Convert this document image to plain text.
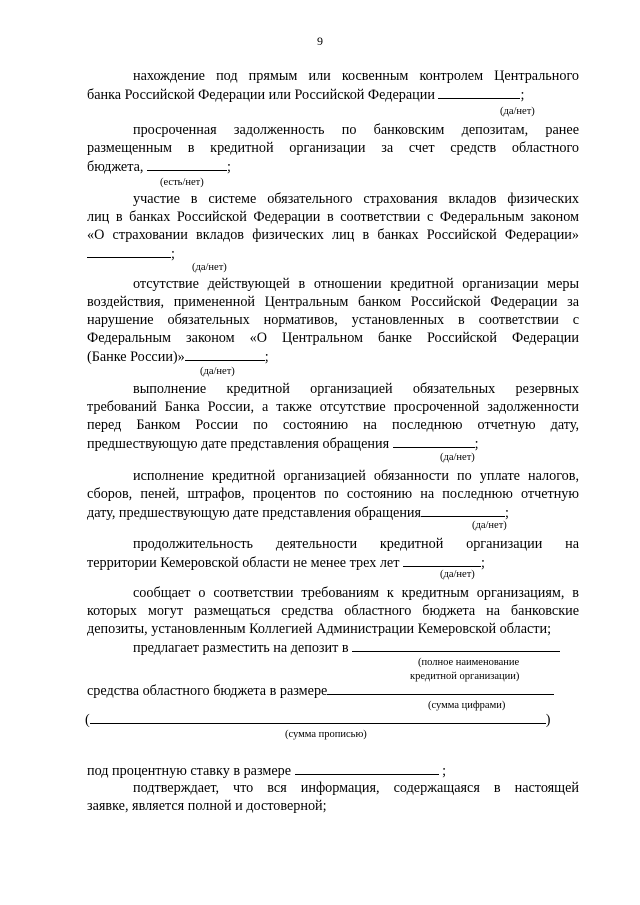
9
нахождение под прямым или косвенным контролем Центрального
банка Российской Федерации или Российской Федерации	;
(да/нет)
просроченная задолженность по банковским депозитам, ранее
размещенным в кредитной организации за счет средств областного
бюджета,	;
(есть/нет)
участие в системе обязательного страхования вкладов физических
лиц в банках Российской Федерации в соответствии с Федеральным законом
«О страховании вкладов физических лиц в банках Российской Федерации»
;
(да/нет)
отсутствие действующей в отношении кредитной организации меры
воздействия, примененной Центральным банком Российской Федерации за
нарушение обязательных нормативов, установленных в соответствии с
Федеральным законом «О Центральном банке Российской Федерации
(Банке России)»	;
(да/нет)
выполнение кредитной организацией обязательных резервных
требований Банка России, а также отсутствие просроченной задолженности
перед Банком России по состоянию на последнюю отчетную дату,
предшествующую дате представления обращения	;
(да/нет)
исполнение кредитной организацией обязанности по уплате налогов,
сборов, пеней, штрафов, процентов по состоянию на последнюю отчетную
дату, предшествующую дате представления обращения	;
(да/нет)
продолжительность деятельности кредитной организации на
территории Кемеровской области не менее трех лет	;
(да/нет)
сообщает о соответствии требованиям к кредитным организациям, в
которых могут размещаться средства областного бюджета на банковские
депозиты, установленным Коллегией Администрации Кемеровской области;
предлагает разместить на депозит в
(полное наименование
кредитной организации)
средства областного бюджета в размере
(сумма цифрами)
(	)
(сумма прописью)
под процентную ставку в размере	;
подтверждает, что вся информация, содержащаяся в настоящей
заявке, является полной и достоверной;
